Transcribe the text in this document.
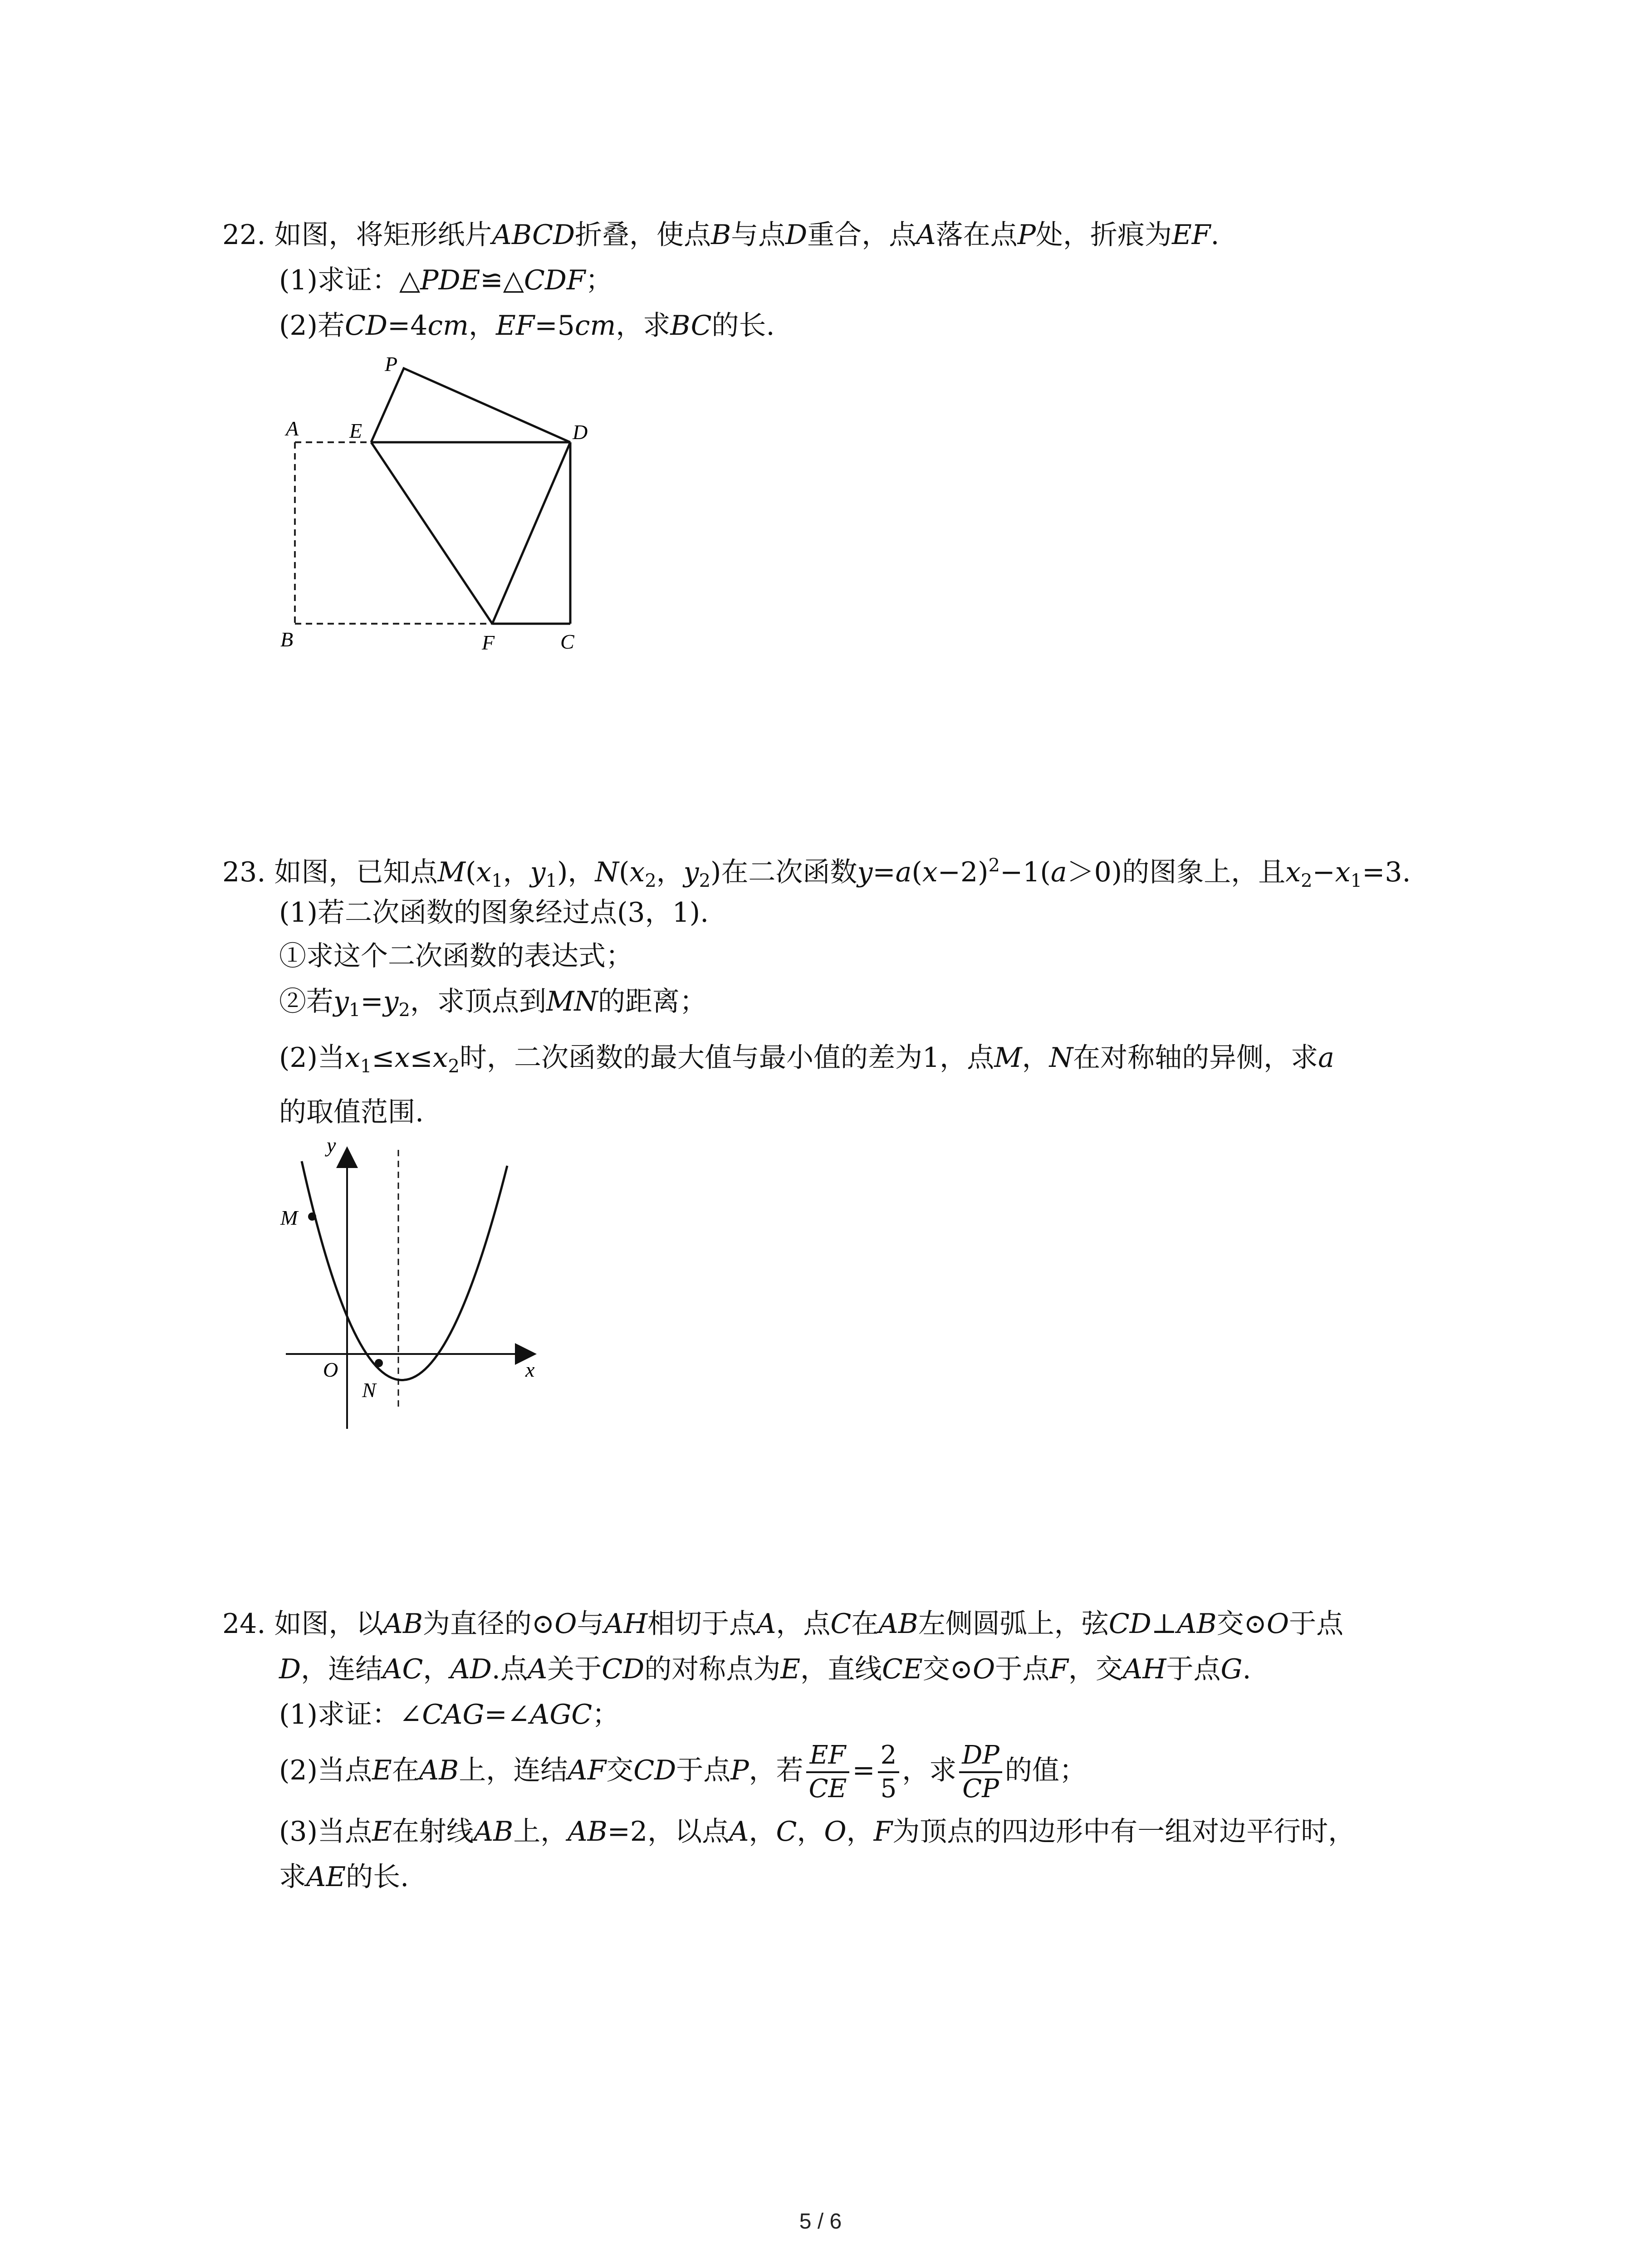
22. 如图，将矩形纸片ABCD折叠，使点B与点D重合，点A落在点P处，折痕为EF.
(1)求证：△PDE≌△CDF；
(2)若CD=4cm，EF=5cm，求BC的长.
P
A E	D
B	F	C
23. 如图，已知点$M(x_1$，$y_1$)，$N(x_2$，$y_2$)在二次函数$y=a(x-2)^2-1(a>0)$的图象上，且$x_2-x_1=3$.
(1)若二次函数的图象经过点(3，1).
①求这个二次函数的表达式；
②若$y_1=y_2$，求顶点到MN的距离；
(2)当$x_1\le x\le x_2$时，二次函数的最大值与最小值的差为1，点M，N在对称轴的异侧，求a
的取值范围.
y
M
O
N
x
24. 如图，以AB为直径的⊙O与AH相切于点A，点C在AB左侧圆弧上，弦CD⊥AB交⊙O于点
D，连结AC，AD.点A关于CD的对称点为E，直线CE交⊙O于点F，交AH于点G.
(1)求证：∠CAG=∠AGC；
(2)当点E在AB上，连结AF交CD于点P，若 $\frac{EF}{CE} = \frac{2}{5}$ ，求 $\frac{DP}{CP}$ 的值；
(3)当点E在射线AB上，AB=2，以点A，C，O，F为顶点的四边形中有一组对边平行时，
求AE的长.
5 / 6
